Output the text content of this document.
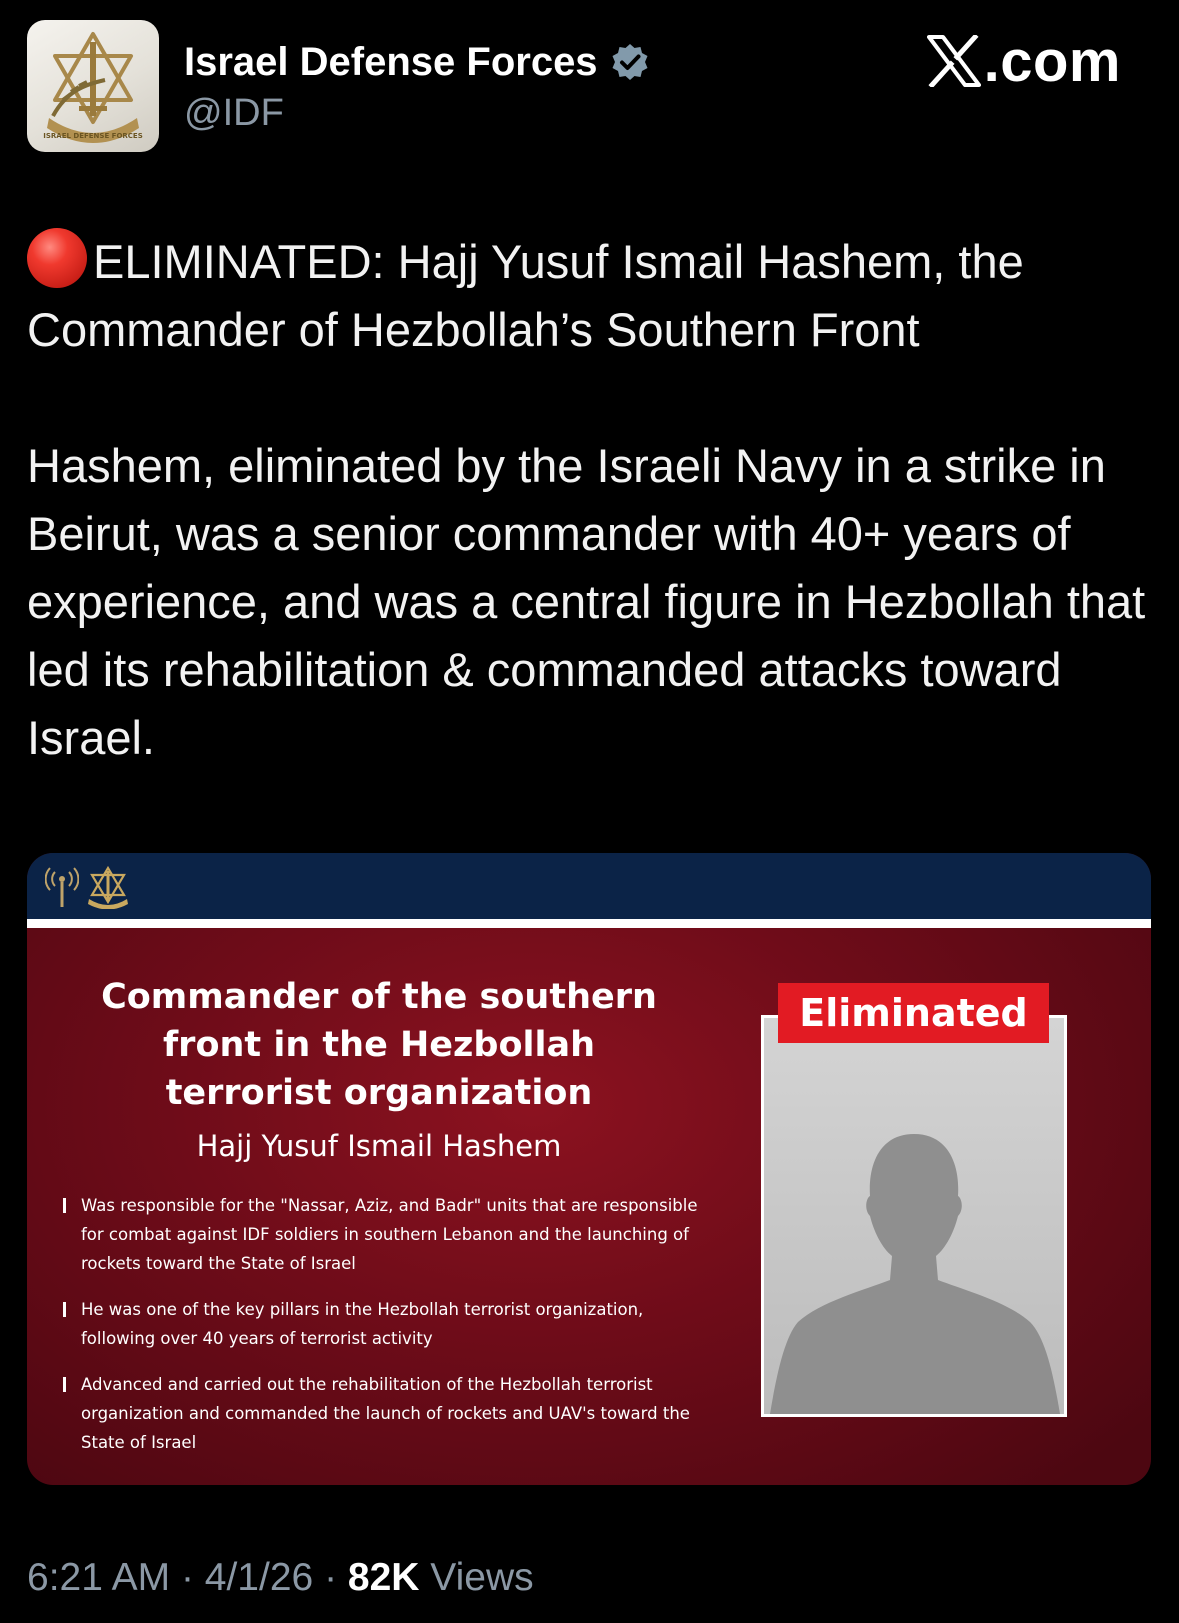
ISRAEL DEFENSE FORCES
Israel Defense Forces
@IDF
.com

ELIMINATED: Hajj Yusuf Ismail Hashem, the Commander of Hezbollah’s Southern Front

Hashem, eliminated by the Israeli Navy in a strike in Beirut, was a senior commander with 40+ years of experience, and was a central figure in Hezbollah that led its rehabilitation & commanded attacks toward Israel.

Commander of the southern front in the Hezbollah terrorist organization
Hajj Yusuf Ismail Hashem
Was responsible for the "Nassar, Aziz, and Badr" units that are responsible for combat against IDF soldiers in southern Lebanon and the launching of rockets toward the State of Israel
He was one of the key pillars in the Hezbollah terrorist organization, following over 40 years of terrorist activity
Advanced and carried out the rehabilitation of the Hezbollah terrorist organization and commanded the launch of rockets and UAV's toward the State of Israel
Eliminated
6:21 AM · 4/1/26 · 82K Views
